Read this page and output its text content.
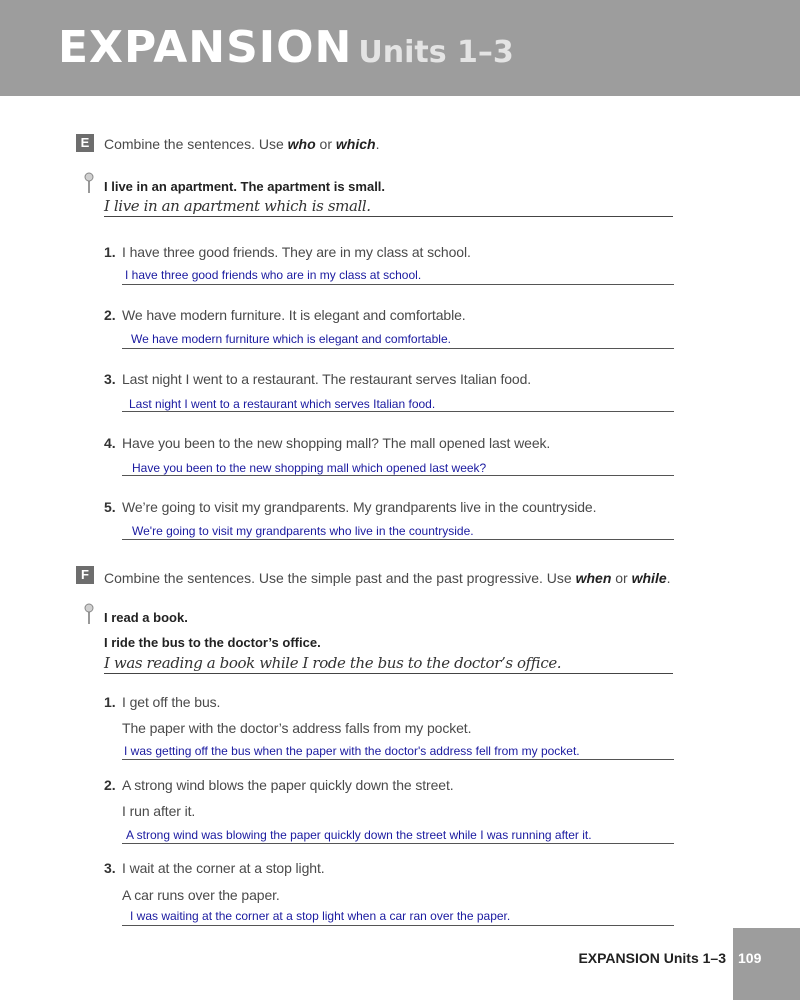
EXPANSION Units 1–3
E	Combine the sentences. Use who or which.
I live in an apartment. The apartment is small.
I live in an apartment which is small.
1. I have three good friends. They are in my class at school.
I have three good friends who are in my class at school.
2. We have modern furniture. It is elegant and comfortable.
We have modern furniture which is elegant and comfortable.
3. Last night I went to a restaurant. The restaurant serves Italian food.
Last night I went to a restaurant which serves Italian food.
4. Have you been to the new shopping mall? The mall opened last week.
Have you been to the new shopping mall which opened last week?
5. We’re going to visit my grandparents. My grandparents live in the countryside.
We're going to visit my grandparents who live in the countryside.
F	Combine the sentences. Use the simple past and the past progressive. Use when or while.
I read a book.
I ride the bus to the doctor’s office.
I was reading a book while I rode the bus to the doctor’s office.
1. I get off the bus.
The paper with the doctor’s address falls from my pocket.
I was getting off the bus when the paper with the doctor's address fell from my pocket.
2. A strong wind blows the paper quickly down the street.
I run after it.
A strong wind was blowing the paper quickly down the street while I was running after it.
3. I wait at the corner at a stop light.
A car runs over the paper.
I was waiting at the corner at a stop light when a car ran over the paper.
EXPANSION Units 1–3 109
